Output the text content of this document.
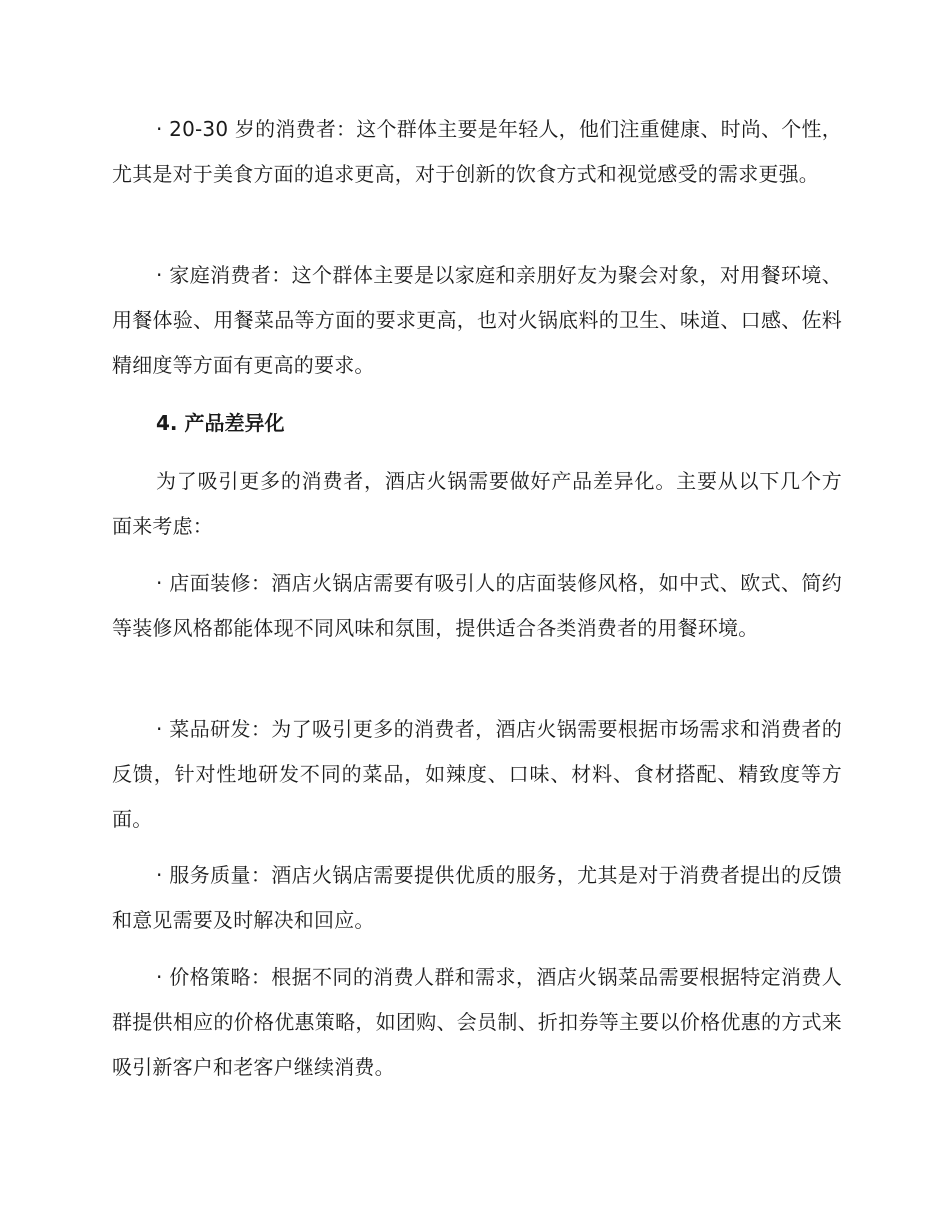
· 20-30 岁的消费者：这个群体主要是年轻人，他们注重健康、时尚、个性，尤其是对于美食方面的追求更高，对于创新的饮食方式和视觉感受的需求更强。

· 家庭消费者：这个群体主要是以家庭和亲朋好友为聚会对象，对用餐环境、用餐体验、用餐菜品等方面的要求更高，也对火锅底料的卫生、味道、口感、佐料精细度等方面有更高的要求。

4. 产品差异化

为了吸引更多的消费者，酒店火锅需要做好产品差异化。主要从以下几个方面来考虑：

· 店面装修：酒店火锅店需要有吸引人的店面装修风格，如中式、欧式、简约等装修风格都能体现不同风味和氛围，提供适合各类消费者的用餐环境。

· 菜品研发：为了吸引更多的消费者，酒店火锅需要根据市场需求和消费者的反馈，针对性地研发不同的菜品，如辣度、口味、材料、食材搭配、精致度等方面。

· 服务质量：酒店火锅店需要提供优质的服务，尤其是对于消费者提出的反馈和意见需要及时解决和回应。

· 价格策略：根据不同的消费人群和需求，酒店火锅菜品需要根据特定消费人群提供相应的价格优惠策略，如团购、会员制、折扣券等主要以价格优惠的方式来吸引新客户和老客户继续消费。
